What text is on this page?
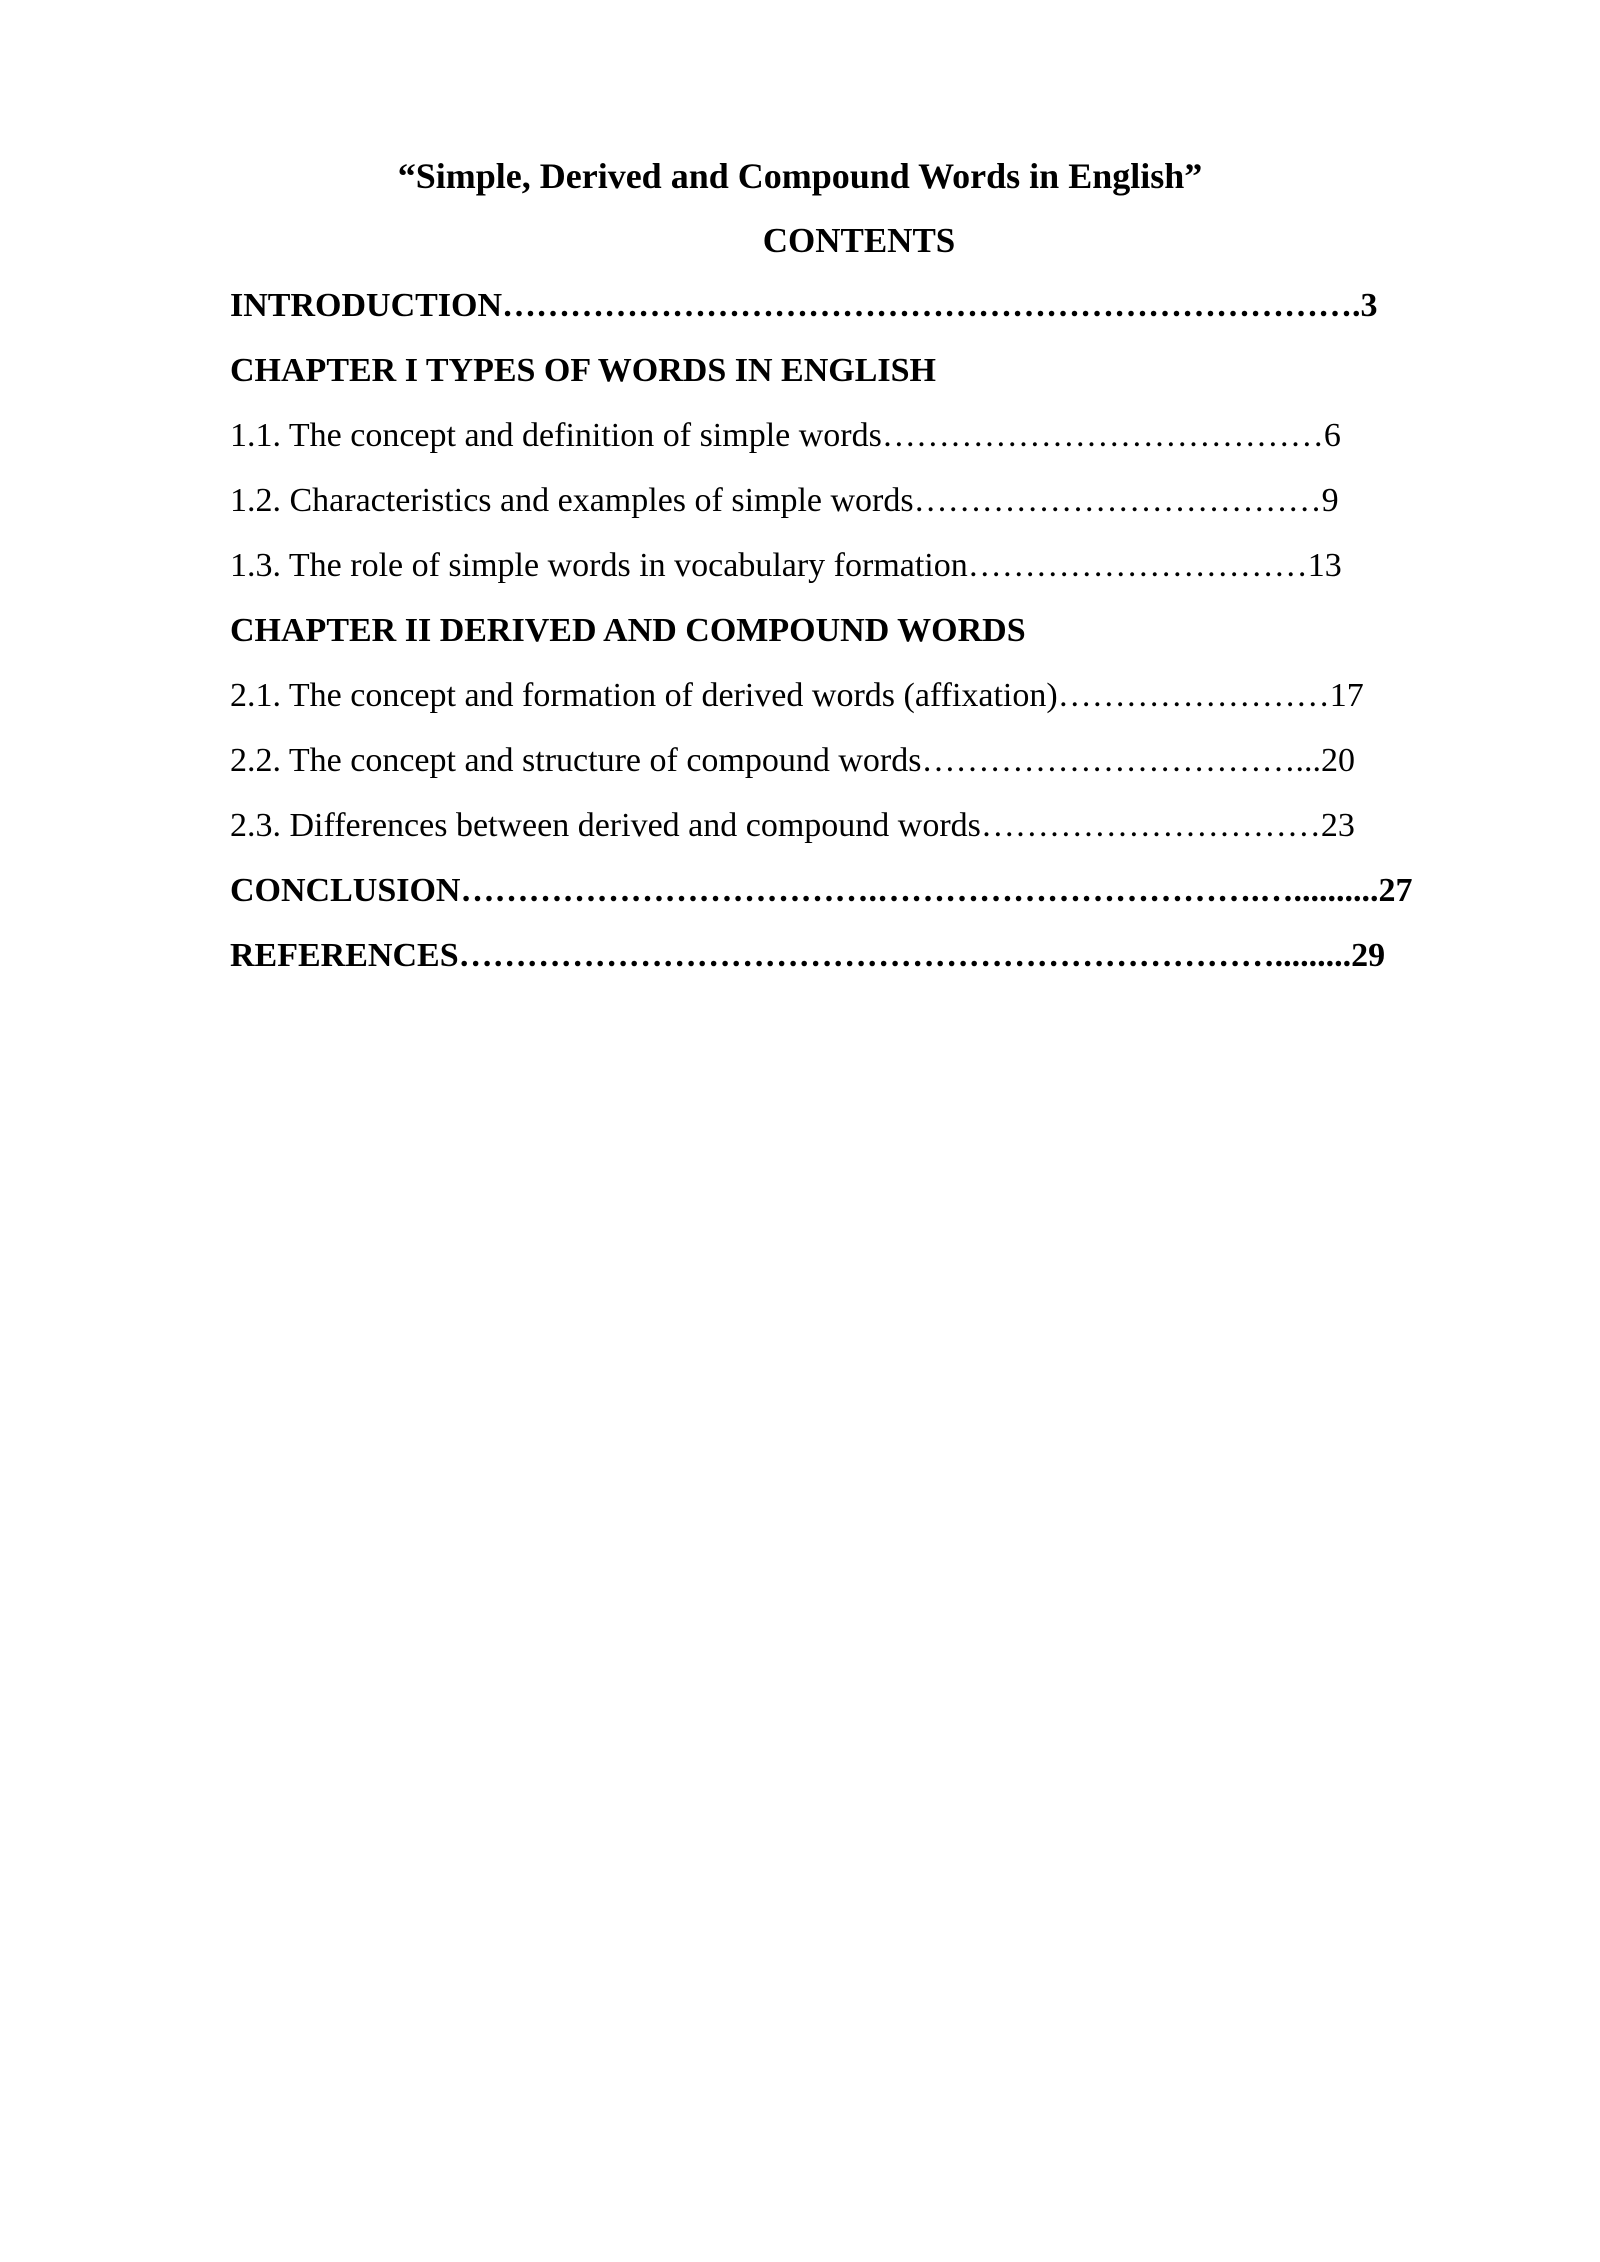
“Simple, Derived and Compound Words in English”
CONTENTS
INTRODUCTION………………………………………………………………….3
CHAPTER I TYPES OF WORDS IN ENGLISH
1.1. The concept and definition of simple words…………………………………6
1.2. Characteristics and examples of simple words………………………………9
1.3. The role of simple words in vocabulary formation…………………………13
CHAPTER II DERIVED AND COMPOUND WORDS
2.1. The concept and formation of derived words (affixation)……………………17
2.2. The concept and structure of compound words……………………………...20
2.3. Differences between derived and compound words…………………………23
CONCLUSION……………………………….…………………………….…..........27
REFERENCES……………………………………………………………….........29
